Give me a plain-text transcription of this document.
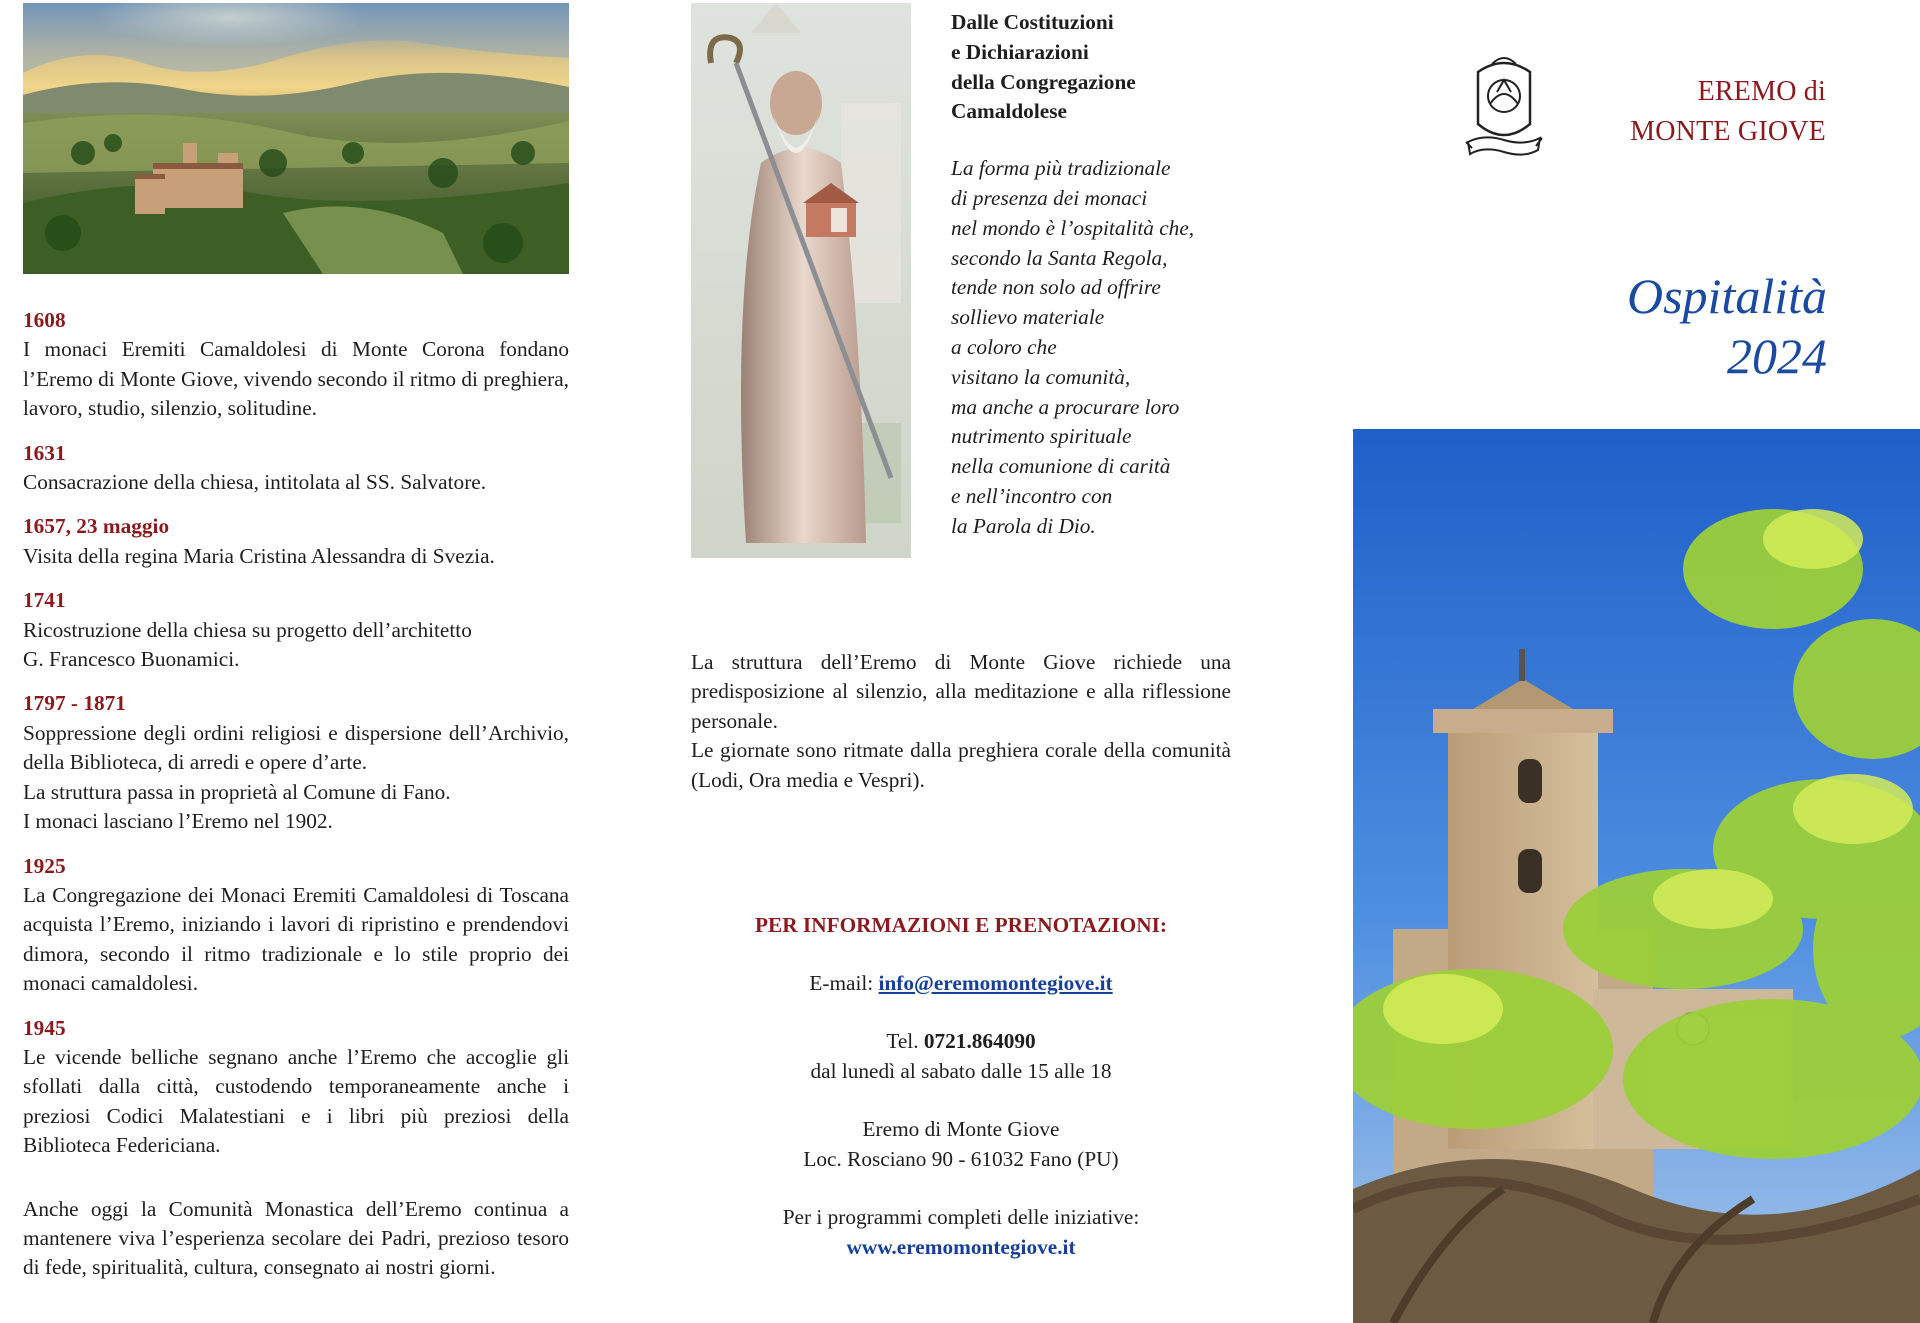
1608
I monaci Eremiti Camaldolesi di Monte Corona fondano l’Eremo di Monte Giove, vivendo secondo il ritmo di preghiera, lavoro, studio, silenzio, solitudine.
1631
Consacrazione della chiesa, intitolata al SS. Salvatore.
1657, 23 maggio
Visita della regina Maria Cristina Alessandra di Svezia.
1741
Ricostruzione della chiesa su progetto dell’architetto
G. Francesco Buonamici.
1797 - 1871
Soppressione degli ordini religiosi e dispersione dell’Archivio, della Biblioteca, di arredi e opere d’arte.
La struttura passa in proprietà al Comune di Fano.
I monaci lasciano l’Eremo nel 1902.
1925
La Congregazione dei Monaci Eremiti Camaldolesi di Toscana acquista l’Eremo, iniziando i lavori di ripristino e prendendovi dimora, secondo il ritmo tradizionale e lo stile proprio dei monaci camaldolesi.
1945
Le vicende belliche segnano anche l’Eremo che accoglie gli sfollati dalla città, custodendo temporaneamente anche i preziosi Codici Malatestiani e i libri più preziosi della Biblioteca Federiciana.
Anche oggi la Comunità Monastica dell’Eremo continua a mantenere viva l’esperienza secolare dei Padri, prezioso tesoro di fede, spiritualità, cultura, consegnato ai nostri giorni.
Dalle Costituzioni
e Dichiarazioni
della Congregazione
Camaldolese
La forma più tradizionale
di presenza dei monaci
nel mondo è l’ospitalità che,
secondo la Santa Regola,
tende non solo ad offrire
sollievo materiale
a coloro che
visitano la comunità,
ma anche a procurare loro
nutrimento spirituale
nella comunione di carità
e nell’incontro con
la Parola di Dio.

La struttura dell’Eremo di Monte Giove richiede una predisposizione al silenzio, alla meditazione e alla riflessione personale.

Le giornate sono ritmate dalla preghiera corale della comunità (Lodi, Ora media e Vespri).

PER INFORMAZIONI E PRENOTAZIONI:

E-mail: info@eremomontegiove.it

Tel. 0721.864090

dal lunedì al sabato dalle 15 alle 18

Eremo di Monte Giove

Loc. Rosciano 90 - 61032 Fano (PU)

Per i programmi completi delle iniziative:

www.eremomontegiove.it

EREMO di
MONTE GIOVE
Ospitalità
2024
